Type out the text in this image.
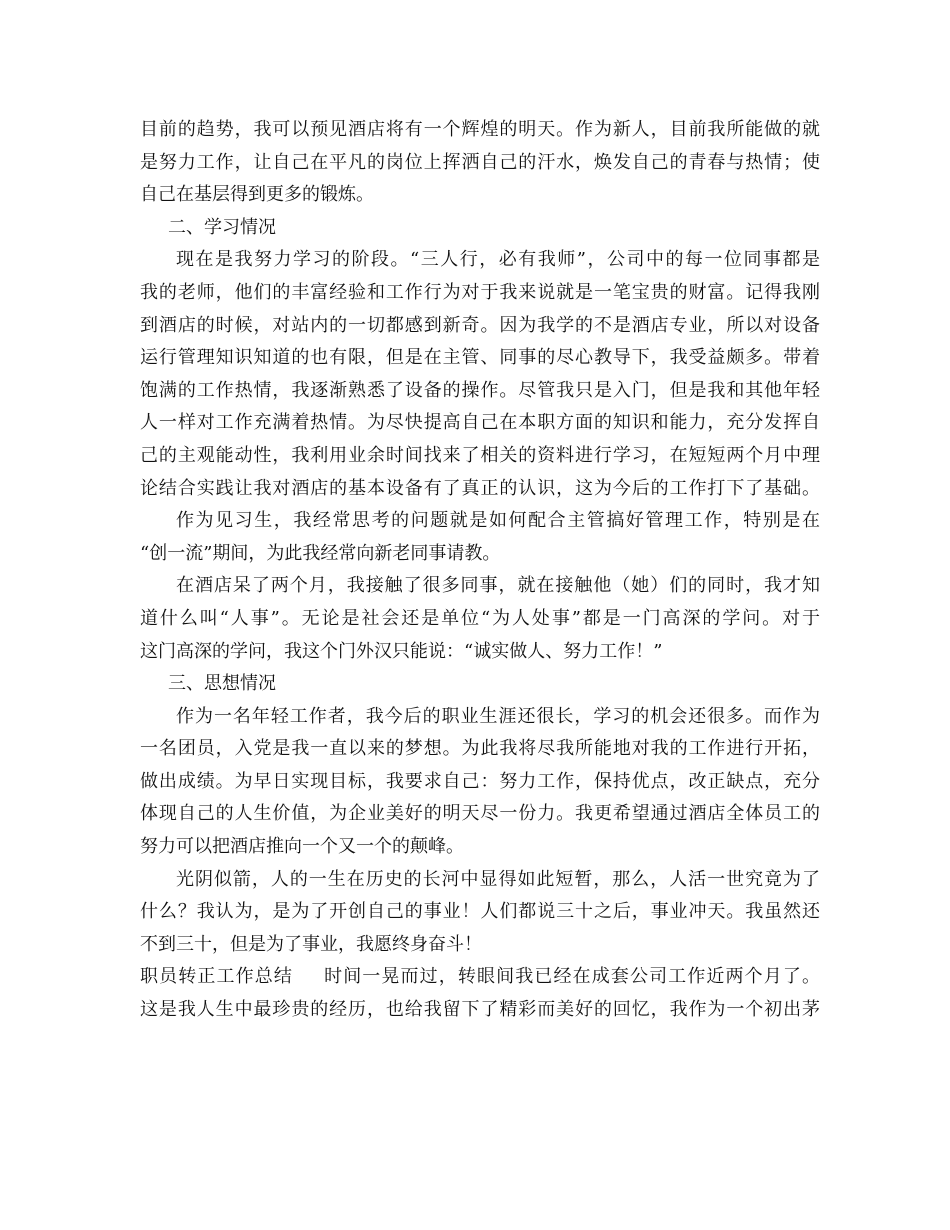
目前的趋势，我可以预见酒店将有一个辉煌的明天。作为新人，目前我所能做的就
是努力工作，让自己在平凡的岗位上挥洒自己的汗水，焕发自己的青春与热情；使
自己在基层得到更多的锻炼。
二、学习情况
现在是我努力学习的阶段。“三人行，必有我师”，公司中的每一位同事都是
我的老师，他们的丰富经验和工作行为对于我来说就是一笔宝贵的财富。记得我刚
到酒店的时候，对站内的一切都感到新奇。因为我学的不是酒店专业，所以对设备
运行管理知识知道的也有限，但是在主管、同事的尽心教导下，我受益颇多。带着
饱满的工作热情，我逐渐熟悉了设备的操作。尽管我只是入门，但是我和其他年轻
人一样对工作充满着热情。为尽快提高自己在本职方面的知识和能力，充分发挥自
己的主观能动性，我利用业余时间找来了相关的资料进行学习，在短短两个月中理
论结合实践让我对酒店的基本设备有了真正的认识，这为今后的工作打下了基础。
作为见习生，我经常思考的问题就是如何配合主管搞好管理工作，特别是在
“创一流”期间，为此我经常向新老同事请教。
在酒店呆了两个月，我接触了很多同事，就在接触他（她）们的同时，我才知
道什么叫“人事”。无论是社会还是单位“为人处事”都是一门高深的学问。对于
这门高深的学问，我这个门外汉只能说：“诚实做人、努力工作！”
三、思想情况
作为一名年轻工作者，我今后的职业生涯还很长，学习的机会还很多。而作为
一名团员，入党是我一直以来的梦想。为此我将尽我所能地对我的工作进行开拓，
做出成绩。为早日实现目标，我要求自己：努力工作，保持优点，改正缺点，充分
体现自己的人生价值，为企业美好的明天尽一份力。我更希望通过酒店全体员工的
努力可以把酒店推向一个又一个的颠峰。
光阴似箭，人的一生在历史的长河中显得如此短暂，那么，人活一世究竟为了
什么？我认为，是为了开创自己的事业！人们都说三十之后，事业冲天。我虽然还
不到三十，但是为了事业，我愿终身奋斗！
职员转正工作总结 时间一晃而过，转眼间我已经在成套公司工作近两个月了。
这是我人生中最珍贵的经历，也给我留下了精彩而美好的回忆，我作为一个初出茅
